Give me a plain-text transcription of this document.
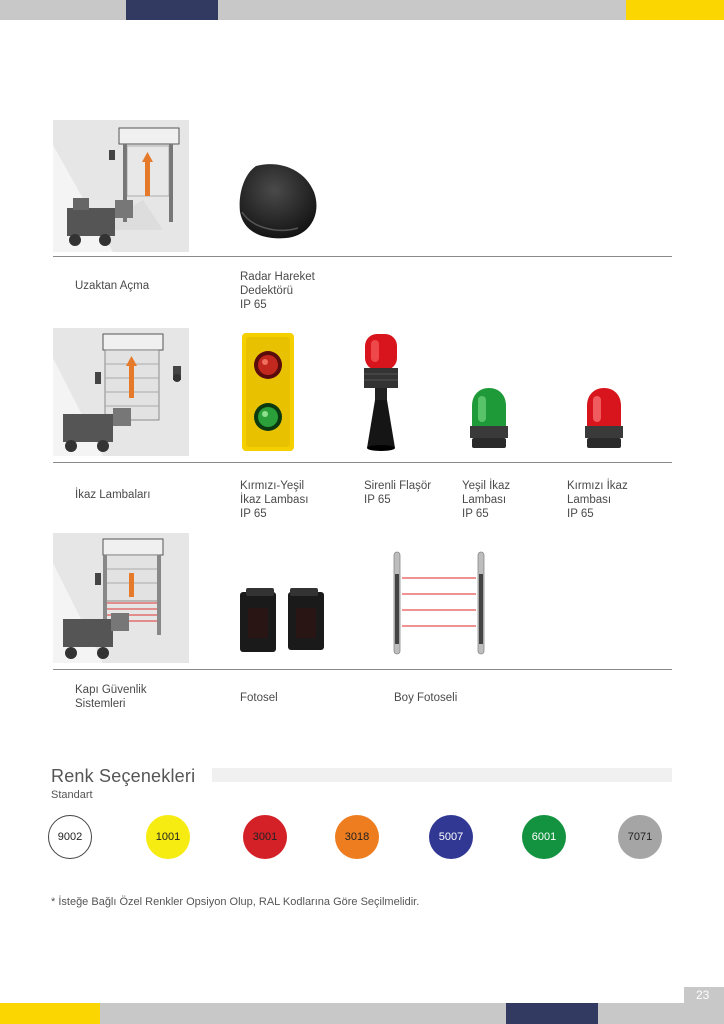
Uzaktan Açma
Radar Hareket
Dedektörü
IP 65
İkaz Lambaları
Kırmızı-Yeşil
İkaz Lambası
IP 65
Sirenli Flaşör
IP 65
Yeşil İkaz
Lambası
IP 65
Kırmızı İkaz
Lambası
IP 65
Kapı Güvenlik
Sistemleri	Fotosel	Boy Fotoseli
Renk Seçenekleri
Standart
9002	1001	3001	3018	5007	6001	7071
* İsteğe Bağlı Özel Renkler Opsiyon Olup, RAL Kodlarına Göre Seçilmelidir.
23
